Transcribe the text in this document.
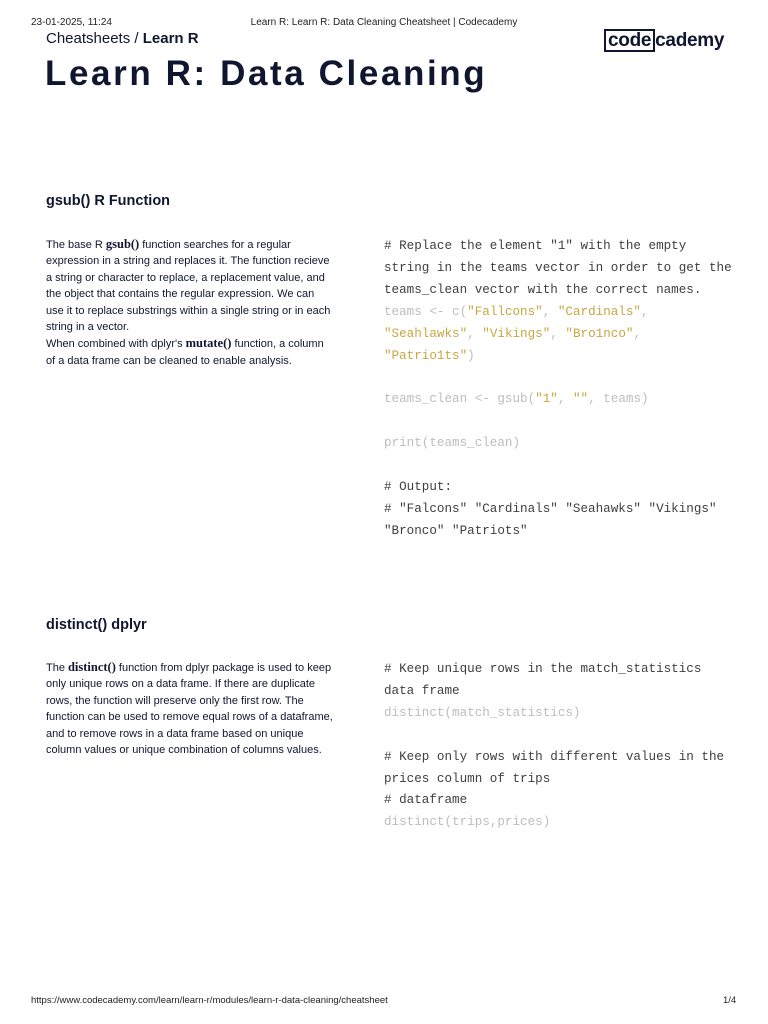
23-01-2025, 11:24	Learn R: Learn R: Data Cleaning Cheatsheet | Codecademy
Cheatsheets / Learn R	code cademy
Learn R: Data Cleaning
gsub() R Function

The base R gsub() function searches for a regular expression in a string and replaces it. The function recieve a string or character to replace, a replacement value, and the object that contains the regular expression. We can use it to replace substrings within a single string or in each string in a vector.

When combined with dplyr's mutate() function, a column of a data frame can be cleaned to enable analysis.

# Replace the element "1" with the empty string in the teams vector in order to get the teams_clean vector with the correct names.
teams <- c("Fallcons", "Cardinals", "Seahlawks", "Vikings", "Bro1nco", "Patrio1ts")

teams_clean <- gsub("1", "", teams)

print(teams_clean)

# Output:
# "Falcons" "Cardinals" "Seahawks" "Vikings" "Bronco" "Patriots"
distinct() dplyr

The distinct() function from dplyr package is used to keep only unique rows on a data frame. If there are duplicate rows, the function will preserve only the first row. The function can be used to remove equal rows of a dataframe, and to remove rows in a data frame based on unique column values or unique combination of columns values.

# Keep unique rows in the match_statistics  data frame
distinct(match_statistics)

# Keep only rows with different values in the prices column of trips
# dataframe
distinct(trips,prices)
https://www.codecademy.com/learn/learn-r/modules/learn-r-data-cleaning/cheatsheet	1/4
